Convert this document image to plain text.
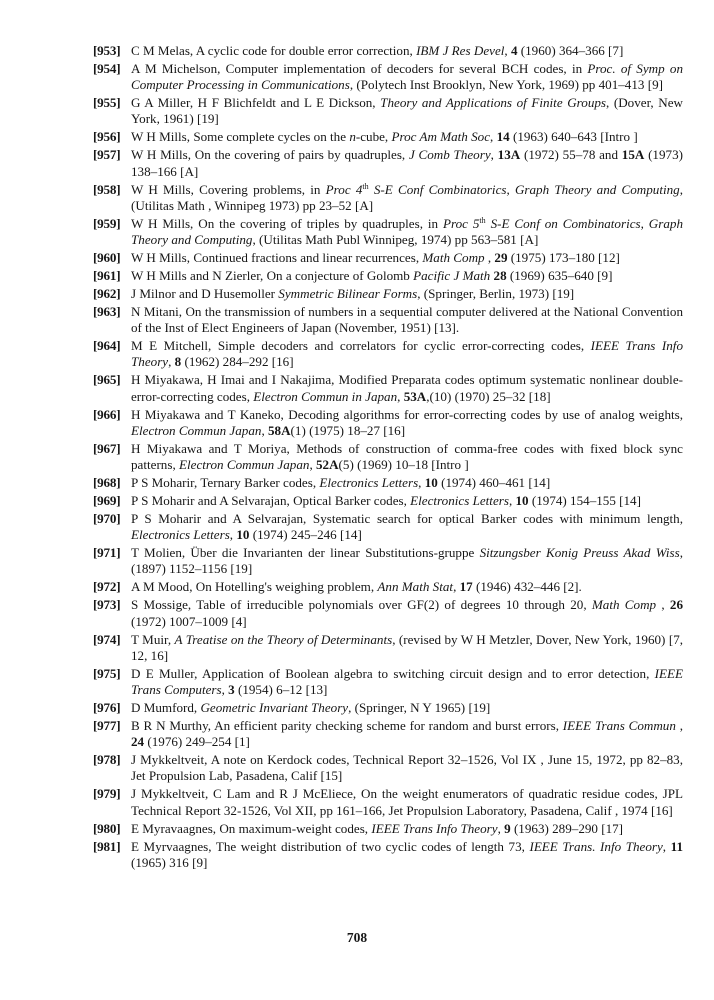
[953] C M Melas, A cyclic code for double error correction, IBM J Res Devel, 4 (1960) 364–366 [7]
[954] A M Michelson, Computer implementation of decoders for several BCH codes, in Proc. of Symp on Computer Processing in Communications, (Polytech Inst Brooklyn, New York, 1969) pp 401–413 [9]
[955] G A Miller, H F Blichfeldt and L E Dickson, Theory and Applications of Finite Groups, (Dover, New York, 1961) [19]
[956] W H Mills, Some complete cycles on the n-cube, Proc Am Math Soc, 14 (1963) 640–643 [Intro ]
[957] W H Mills, On the covering of pairs by quadruples, J Comb Theory, 13A (1972) 55–78 and 15A (1973) 138–166 [A]
[958] W H Mills, Covering problems, in Proc 4th S-E Conf Combinatorics, Graph Theory and Computing, (Utilitas Math , Winnipeg 1973) pp 23–52 [A]
[959] W H Mills, On the covering of triples by quadruples, in Proc 5th S-E Conf on Combinatorics, Graph Theory and Computing, (Utilitas Math Publ Winnipeg, 1974) pp 563–581 [A]
[960] W H Mills, Continued fractions and linear recurrences, Math Comp , 29 (1975) 173–180 [12]
[961] W H Mills and N Zierler, On a conjecture of Golomb Pacific J Math 28 (1969) 635–640 [9]
[962] J Milnor and D Husemoller Symmetric Bilinear Forms, (Springer, Berlin, 1973) [19]
[963] N Mitani, On the transmission of numbers in a sequential computer delivered at the National Convention of the Inst of Elect Engineers of Japan (November, 1951) [13].
[964] M E Mitchell, Simple decoders and correlators for cyclic error-correcting codes, IEEE Trans Info Theory, 8 (1962) 284–292 [16]
[965] H Miyakawa, H Imai and I Nakajima, Modified Preparata codes optimum systematic nonlinear double-error-correcting codes, Electron Commun in Japan, 53A,(10) (1970) 25–32 [18]
[966] H Miyakawa and T Kaneko, Decoding algorithms for error-correcting codes by use of analog weights, Electron Commun Japan, 58A(1) (1975) 18–27 [16]
[967] H Miyakawa and T Moriya, Methods of construction of comma-free codes with fixed block sync patterns, Electron Commun Japan, 52A(5) (1969) 10–18 [Intro ]
[968] P S Moharir, Ternary Barker codes, Electronics Letters, 10 (1974) 460–461 [14]
[969] P S Moharir and A Selvarajan, Optical Barker codes, Electronics Letters, 10 (1974) 154–155 [14]
[970] P S Moharir and A Selvarajan, Systematic search for optical Barker codes with minimum length, Electronics Letters, 10 (1974) 245–246 [14]
[971] T Molien, Über die Invarianten der linear Substitutions-gruppe Sitzungsber Konig Preuss Akad Wiss, (1897) 1152–1156 [19]
[972] A M Mood, On Hotelling's weighing problem, Ann Math Stat, 17 (1946) 432–446 [2].
[973] S Mossige, Table of irreducible polynomials over GF(2) of degrees 10 through 20, Math Comp , 26 (1972) 1007–1009 [4]
[974] T Muir, A Treatise on the Theory of Determinants, (revised by W H Metzler, Dover, New York, 1960) [7, 12, 16]
[975] D E Muller, Application of Boolean algebra to switching circuit design and to error detection, IEEE Trans Computers, 3 (1954) 6–12 [13]
[976] D Mumford, Geometric Invariant Theory, (Springer, N Y 1965) [19]
[977] B R N Murthy, An efficient parity checking scheme for random and burst errors, IEEE Trans Commun , 24 (1976) 249–254 [1]
[978] J Mykkeltveit, A note on Kerdock codes, Technical Report 32–1526, Vol IX , June 15, 1972, pp 82–83, Jet Propulsion Lab, Pasadena, Calif [15]
[979] J Mykkeltveit, C Lam and R J McEliece, On the weight enumerators of quadratic residue codes, JPL Technical Report 32-1526, Vol XII, pp 161–166, Jet Propulsion Laboratory, Pasadena, Calif , 1974 [16]
[980] E Myravaagnes, On maximum-weight codes, IEEE Trans Info Theory, 9 (1963) 289–290 [17]
[981] E Myrvaagnes, The weight distribution of two cyclic codes of length 73, IEEE Trans. Info Theory, 11 (1965) 316 [9]
708
